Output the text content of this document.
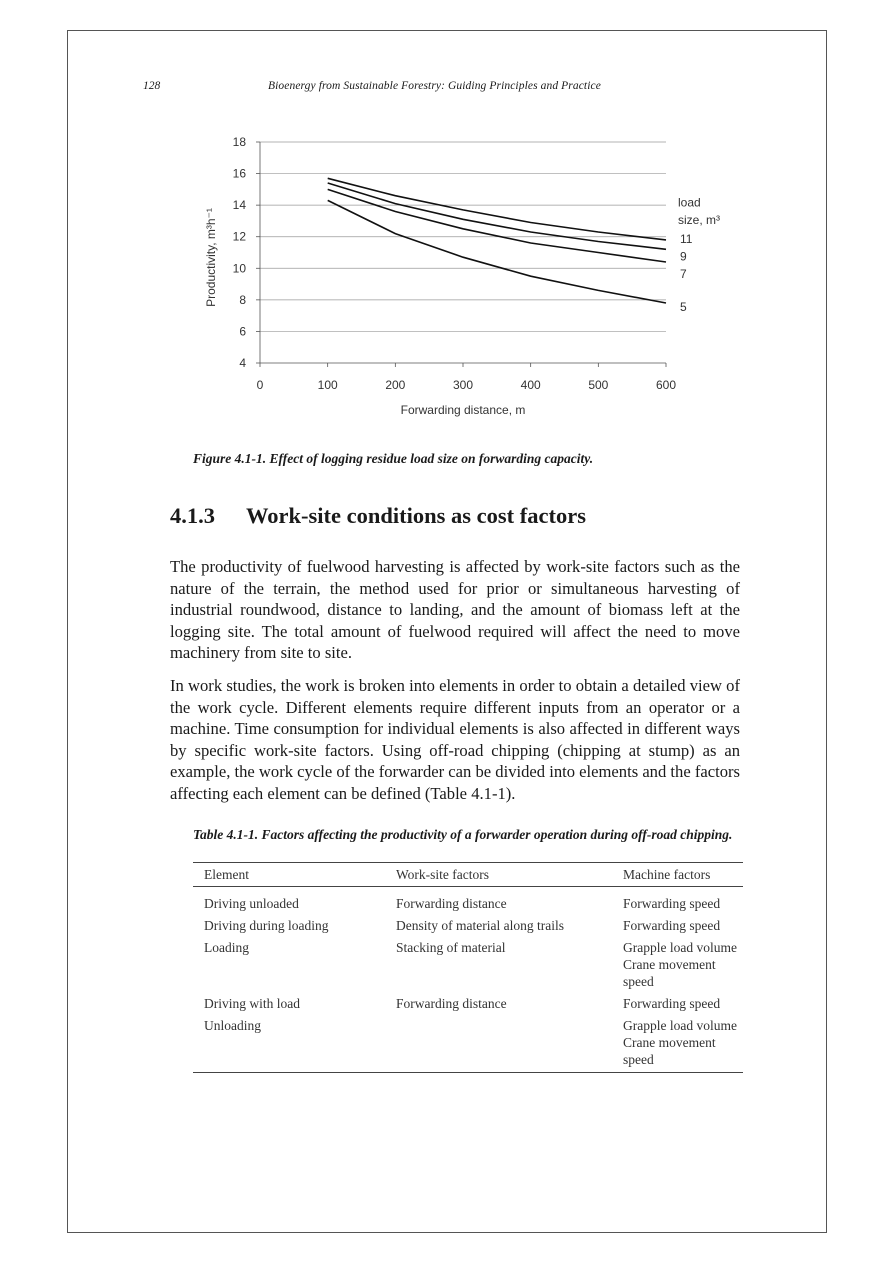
128	Bioenergy from Sustainable Forestry: Guiding Principles and Practice
4
6
8
10
12
14
16
18
0	100	200	300	400	500	600
Forwarding distance, m
Productivity, m³h⁻¹
load
size, m³
11
9
7
5
Figure 4.1-1. Effect of logging residue load size on forwarding capacity.
4.1.3 Work-site conditions as cost factors

The productivity of fuelwood harvesting is affected by work-site factors such as the nature of the terrain, the method used for prior or simultaneous harvesting of industrial roundwood, distance to landing, and the amount of biomass left at the logging site. The total amount of fuelwood required will affect the need to move machinery from site to site.

In work studies, the work is broken into elements in order to obtain a detailed view of the work cycle. Different elements require different inputs from an operator or a machine. Time consumption for individual elements is also affected in different ways by specific work-site factors. Using off-road chipping (chipping at stump) as an example, the work cycle of the forwarder can be divided into elements and the factors affecting each element can be defined (Table 4.1-1).

Table 4.1-1. Factors affecting the productivity of a forwarder operation during off-road chipping.
Element	Work-site factors	Machine factors
Driving unloaded	Forwarding distance	Forwarding speed

Driving during loading	Density of material along trails	Forwarding speed

Loading	Stacking of material	Grapple load volume
Crane movement speed

Driving with load	Forwarding distance	Forwarding speed

Unloading		Grapple load volume
Crane movement speed
